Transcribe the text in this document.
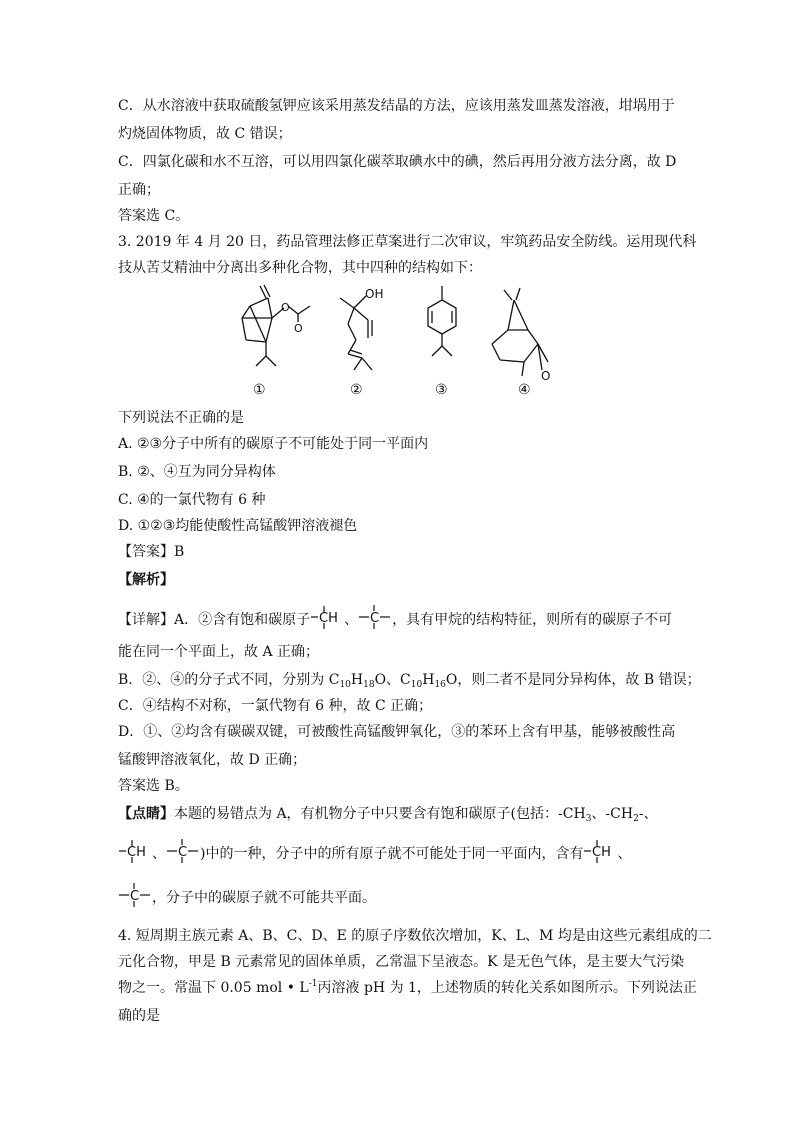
C．从水溶液中获取硫酸氢钾应该采用蒸发结晶的方法，应该用蒸发皿蒸发溶液，坩埚用于
灼烧固体物质，故 C 错误；
C．四氯化碳和水不互溶，可以用四氯化碳萃取碘水中的碘，然后再用分液方法分离，故 D
正确；
答案选 C。
3. 2019 年 4 月 20 日，药品管理法修正草案进行二次审议，牢筑药品安全防线。运用现代科
技从苦艾精油中分离出多种化合物，其中四种的结构如下：
O
O
①
OH
②	③
O
④
下列说法不正确的是
A. ②③分子中所有的碳原子不可能处于同一平面内
B. ②、④互为同分异构体
C. ④的一氯代物有 6 种
D. ①②③均能使酸性高锰酸钾溶液褪色
【答案】B
【解析】
【详解】A．②含有饱和碳原子 CH 、 C ，具有甲烷的结构特征，则所有的碳原子不可
能在同一个平面上，故 A 正确；
B．②、④的分子式不同，分别为 $C_{10}H_{18}O$、$C_{10}H_{16}O$，则二者不是同分异构体，故 B 错误；
C．④结构不对称，一氯代物有 6 种，故 C 正确；
D．①、②均含有碳碳双键，可被酸性高锰酸钾氧化，③的苯环上含有甲基，能够被酸性高
锰酸钾溶液氧化，故 D 正确；
答案选 B。
【点睛】本题的易错点为 A，有机物分子中只要含有饱和碳原子(包括：$-CH_3$、$-CH_2-$、
CH 、 C )中的一种，分子中的所有原子就不可能处于同一平面内，含有 CH 、
C ，分子中的碳原子就不可能共平面。
4. 短周期主族元素 A、B、C、D、E 的原子序数依次增加，K、L、M 均是由这些元素组成的二
元化合物，甲是 B 元素常见的固体单质，乙常温下呈液态。K 是无色气体，是主要大气污染
物之一。常温下 0.05 mol • $L^{-1}$丙溶液 pH 为 1，上述物质的转化关系如图所示。下列说法正
确的是
